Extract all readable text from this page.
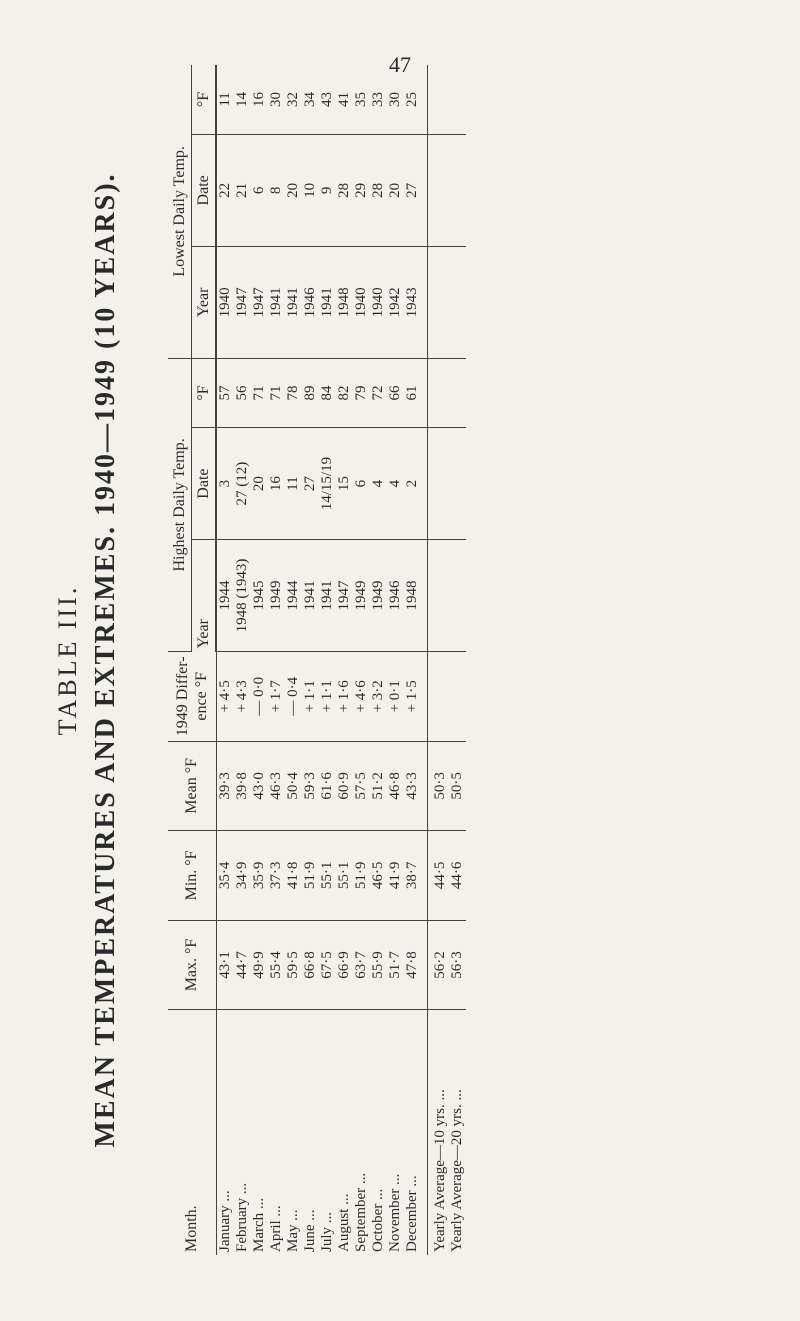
47
TABLE III. MEAN TEMPERATURES AND EXTREMES. 1940—1949 (10 YEARS).
Month.	Max. °F	Min. °F	Mean °F	1949 Differ-ence °F	Highest Daily Temp.			Lowest Daily Temp.		
					Year	Date	°F	Year	Date	°F
January ...	43·1	35·4	39·3	+ 4·5	1944	3	57	1940	22	11
February ...	44·7	34·9	39·8	+ 4·3	1948 (1943)	27 (12)	56	1947	21	14
March ...	49·9	35·9	43·0	— 0·0	1945	20	71	1947	6	16
April ...	55·4	37·3	46·3	+ 1·7	1949	16	71	1941	8	30
May ...	59·5	41·8	50·4	— 0·4	1944	11	78	1941	20	32
June ...	66·8	51·9	59·3	+ 1·1	1941	27	89	1946	10	34
July ...	67·5	55·1	61·6	+ 1·1	1941	14/15/19	84	1941	9	43
August ...	66·9	55·1	60·9	+ 1·6	1947	15	82	1948	28	41
September ...	63·7	51·9	57·5	+ 4·6	1949	6	79	1940	29	35
October ...	55·9	46·5	51·2	+ 3·2	1949	4	72	1940	28	33
November ...	51·7	41·9	46·8	+ 0·1	1946	4	66	1942	20	30
December ...	47·8	38·7	43·3	+ 1·5	1948	2	61	1943	27	25
Yearly Average—10 yrs. ...	56·2	44·5	50·3							
Yearly Average—20 yrs. ...	56·3	44·6	50·5							
